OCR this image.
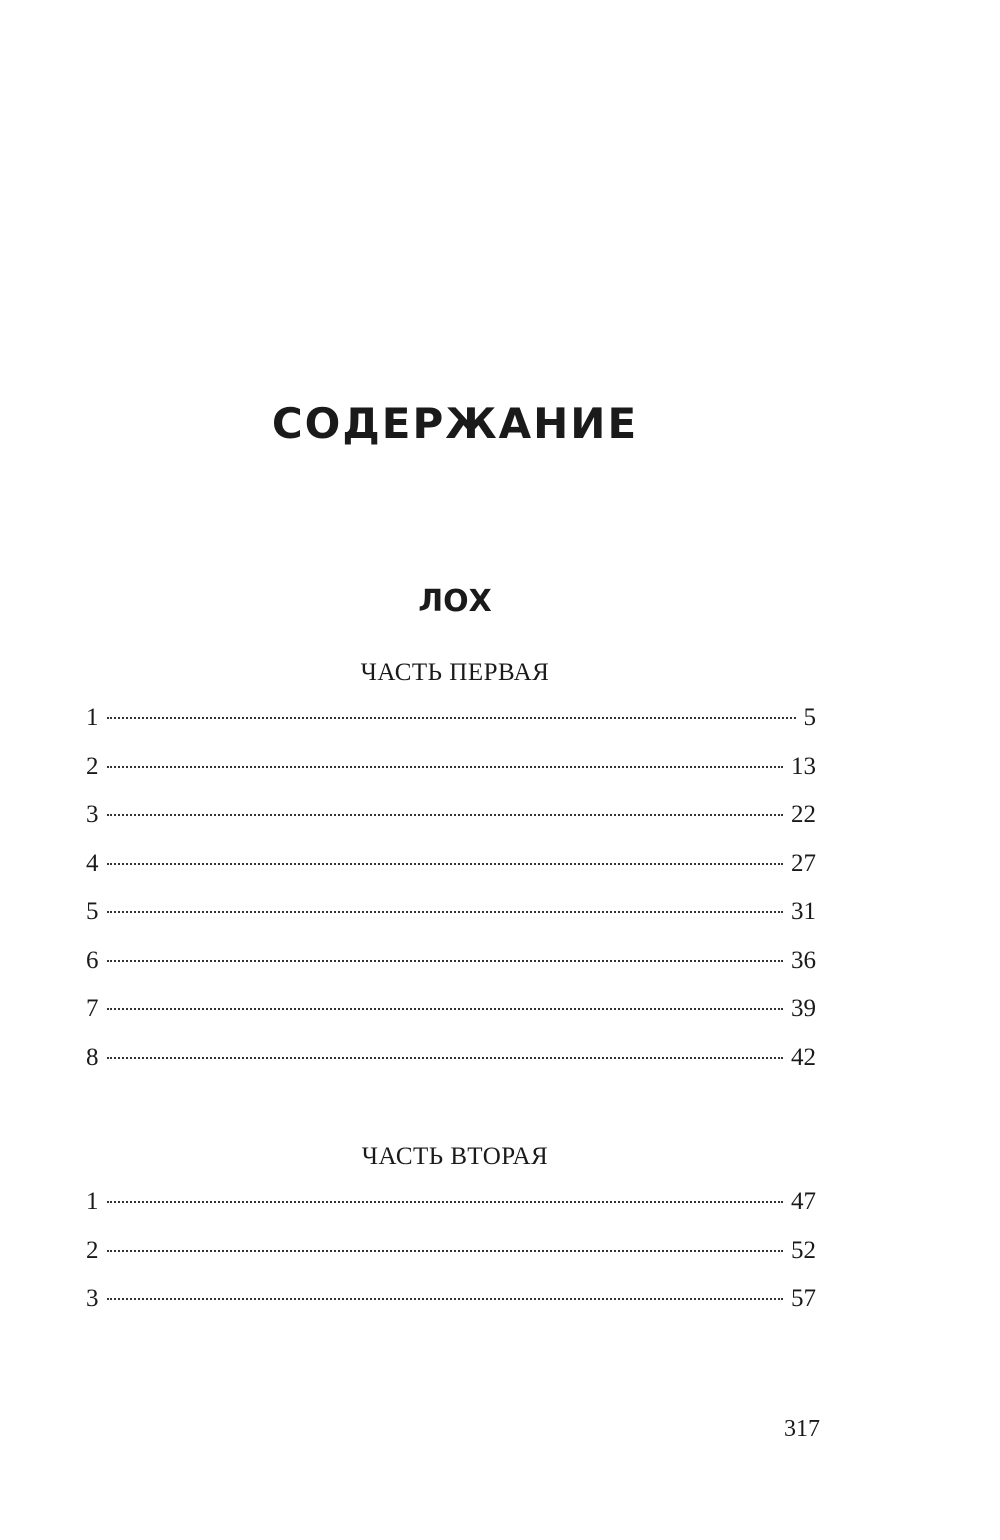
СОДЕРЖАНИЕ
ЛОХ

ЧАСТЬ ПЕРВАЯ

1	5
2	13
3	22
4	27
5	31
6	36
7	39
8	42

ЧАСТЬ ВТОРАЯ

1	47
2	52
3	57
317
